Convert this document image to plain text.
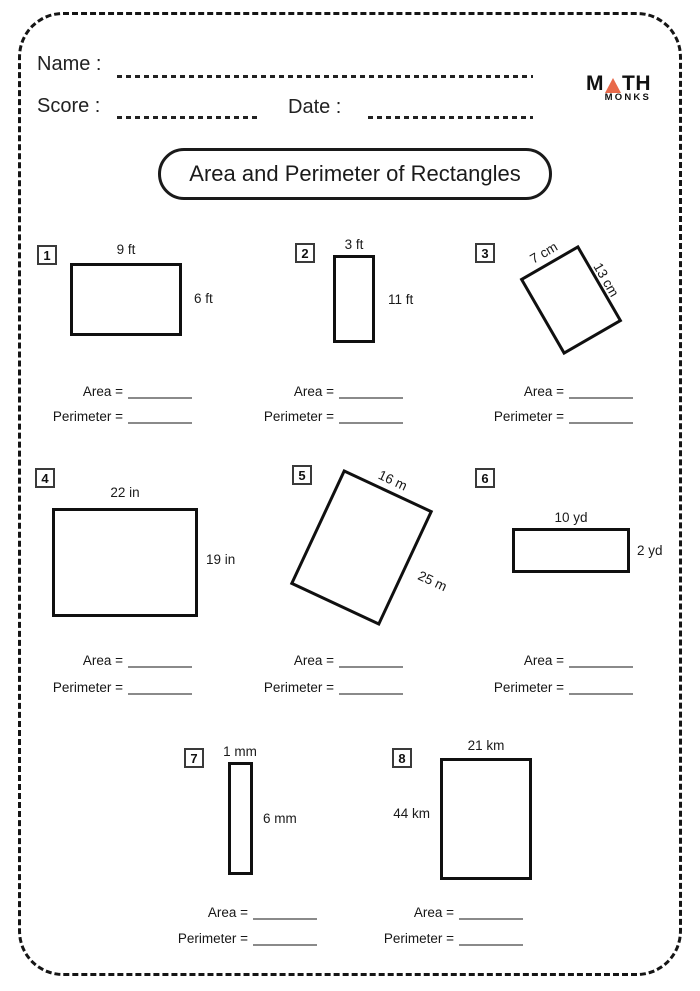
Name :
Score :	Date :
M TH
MONKS
Area and Perimeter of Rectangles
1	9 ft
6 ft
Area =
Perimeter =
2
3 ft
11 ft
Area =
Perimeter =
3	7 cm
13 cm
Area =
Perimeter =
4
22 in
19 in
Area =
Perimeter =
5	16 m
25 m
Area =
Perimeter =
6
10 yd
2 yd
Area =
Perimeter =
7	1 mm
6 mm
Area =
Perimeter =
8
21 km
44 km
Area =
Perimeter =
